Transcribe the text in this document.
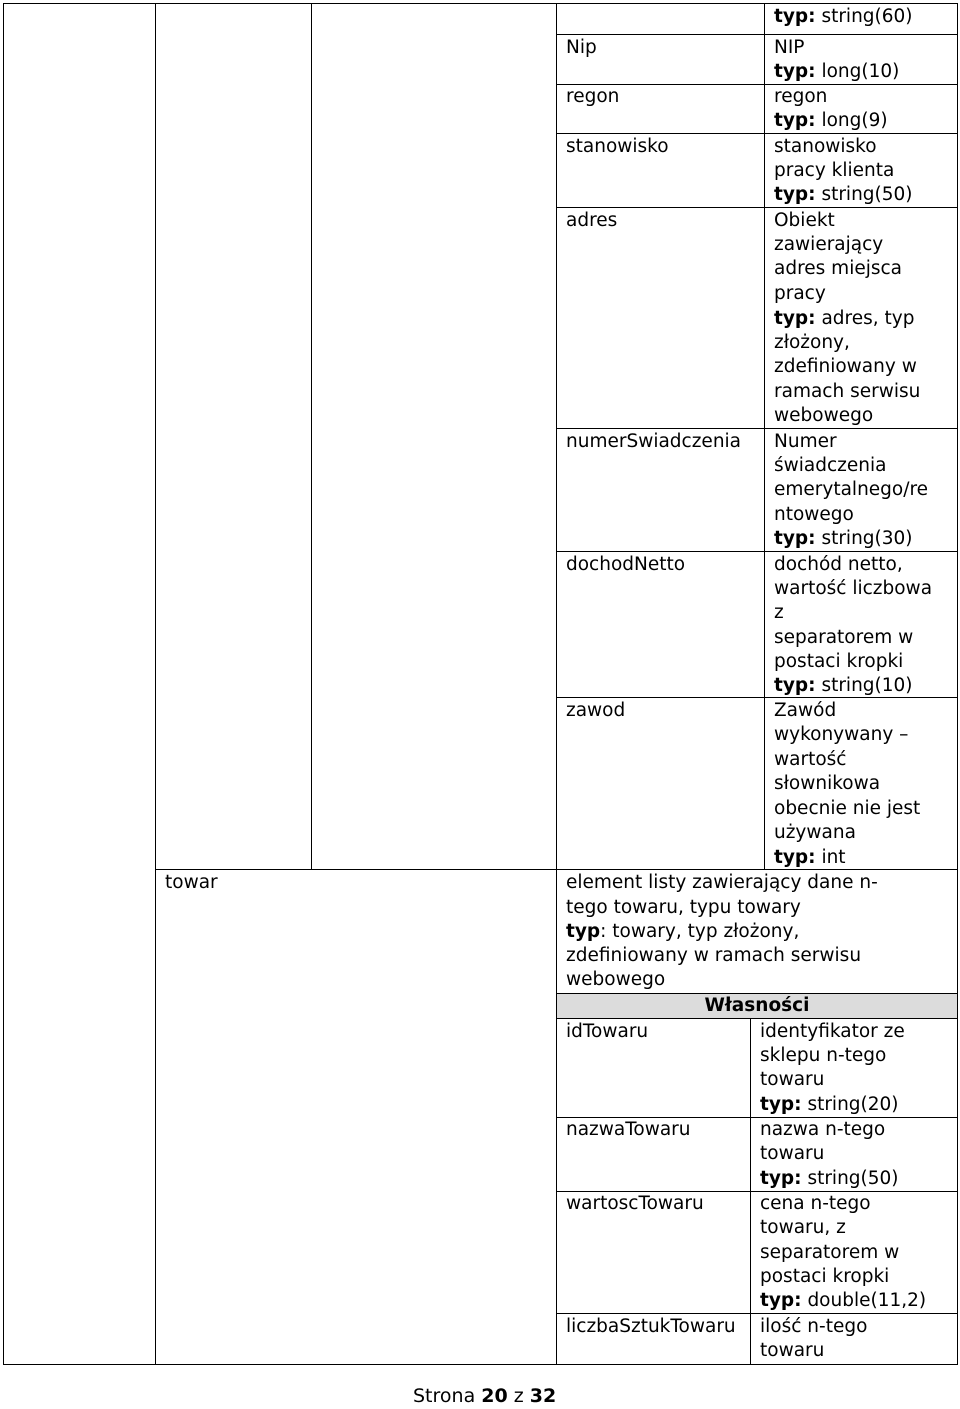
typ: string(60)
Nip	NIP
typ: long(10)
regon	regon
typ: long(9)
stanowisko	stanowisko
pracy klienta
typ: string(50)
adres	Obiekt
zawierający
adres miejsca
pracy
typ: adres, typ
złożony,
zdefiniowany w
ramach serwisu
webowego
numerSwiadczenia Numer
świadczenia
emerytalnego/re
ntowego
typ: string(30)
dochodNetto	dochód netto,
wartość liczbowa
z
separatorem w
postaci kropki
typ: string(10)
zawod	Zawód
wykonywany –
wartość
słownikowa
obecnie nie jest
używana
typ: int
towar	element listy zawierający dane n-
tego towaru, typu towary
typ: towary, typ złożony,
zdefiniowany w ramach serwisu
webowego
Własności
idTowaru	identyfikator ze
sklepu n-tego
towaru
typ: string(20)
nazwaTowaru	nazwa n-tego
towaru
typ: string(50)
wartoscTowaru	cena n-tego
towaru, z
separatorem w
postaci kropki
typ: double(11,2)
liczbaSztukTowaru ilość n-tego
towaru
Strona 20 z 32
